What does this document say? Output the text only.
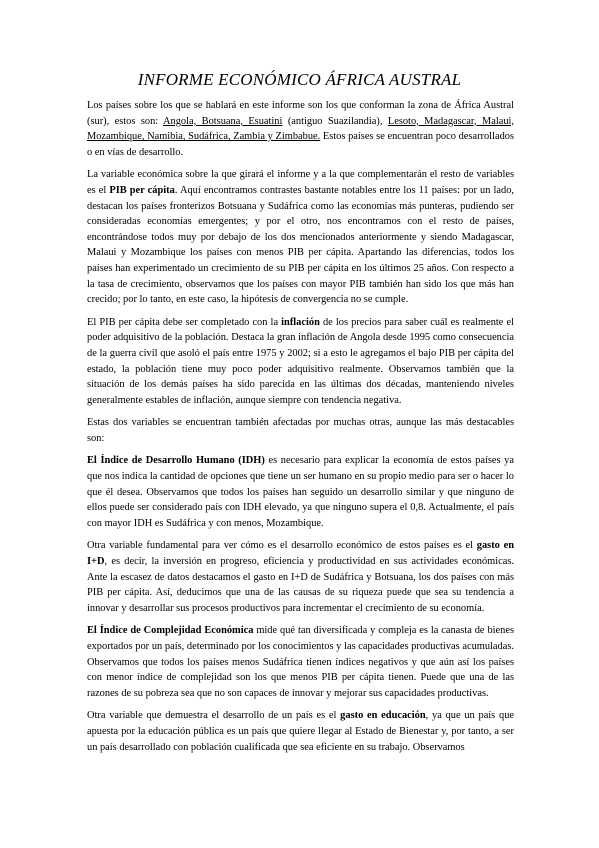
INFORME ECONÓMICO ÁFRICA AUSTRAL

Los países sobre los que se hablará en este informe son los que conforman la zona de África Austral (sur), estos son: Angola, Botsuana, Esuatini (antiguo Suazilandia), Lesoto, Madagascar, Malaui, Mozambique, Namibia, Sudáfrica, Zambia y Zimbabue. Estos países se encuentran poco desarrollados o en vías de desarrollo.

La variable económica sobre la que girará el informe y a la que complementarán el resto de variables es el PIB per cápita. Aquí encontramos contrastes bastante notables entre los 11 países: por un lado, destacan los países fronterizos Botsuana y Sudáfrica como las economías más punteras, pudiendo ser consideradas economías emergentes; y por el otro, nos encontramos con el resto de países, encontrándose todos muy por debajo de los dos mencionados anteriormente y siendo Madagascar, Malaui y Mozambique los países con menos PIB per cápita. Apartando las diferencias, todos los países han experimentado un crecimiento de su PIB per cápita en los últimos 25 años. Con respecto a la tasa de crecimiento, observamos que los países con mayor PIB también han sido los que más han crecido; por lo tanto, en este caso, la hipótesis de convergencia no se cumple.

El PIB per cápita debe ser completado con la inflación de los precios para saber cuál es realmente el poder adquisitivo de la población. Destaca la gran inflación de Angola desde 1995 como consecuencia de la guerra civil que asoló el país entre 1975 y 2002; si a esto le agregamos el bajo PIB per cápita del estado, la población tiene muy poco poder adquisitivo realmente. Observamos también que la situación de los demás países ha sido parecida en las últimas dos décadas, manteniendo niveles generalmente estables de inflación, aunque siempre con tendencia negativa.

Estas dos variables se encuentran también afectadas por muchas otras, aunque las más destacables son:

El Índice de Desarrollo Humano (IDH) es necesario para explicar la economía de estos países ya que nos indica la cantidad de opciones que tiene un ser humano en su propio medio para ser o hacer lo que él desea. Observamos que todos los países han seguido un desarrollo similar y que ninguno de ellos puede ser considerado país con IDH elevado, ya que ninguno supera el 0,8. Actualmente, el país con mayor IDH es Sudáfrica y con menos, Mozambique.

Otra variable fundamental para ver cómo es el desarrollo económico de estos países es el gasto en I+D, es decir, la inversión en progreso, eficiencia y productividad en sus actividades económicas. Ante la escasez de datos destacamos el gasto en I+D de Sudáfrica y Botsuana, los dos países con más PIB per cápita. Así, deducimos que una de las causas de su riqueza puede que sea su tendencia a innovar y desarrollar sus procesos productivos para incrementar el crecimiento de su economía.

El Índice de Complejidad Económica mide qué tan diversificada y compleja es la canasta de bienes exportados por un país, determinado por los conocimientos y las capacidades productivas acumuladas. Observamos que todos los países menos Sudáfrica tienen índices negativos y que aún así los países con menor índice de complejidad son los que menos PIB per cápita tienen. Puede que una de las razones de su pobreza sea que no son capaces de innovar y mejorar sus capacidades productivas.

Otra variable que demuestra el desarrollo de un país es el gasto en educación, ya que un país que apuesta por la educación pública es un país que quiere llegar al Estado de Bienestar y, por tanto, a ser un país desarrollado con población cualificada que sea eficiente en su trabajo. Observamos
